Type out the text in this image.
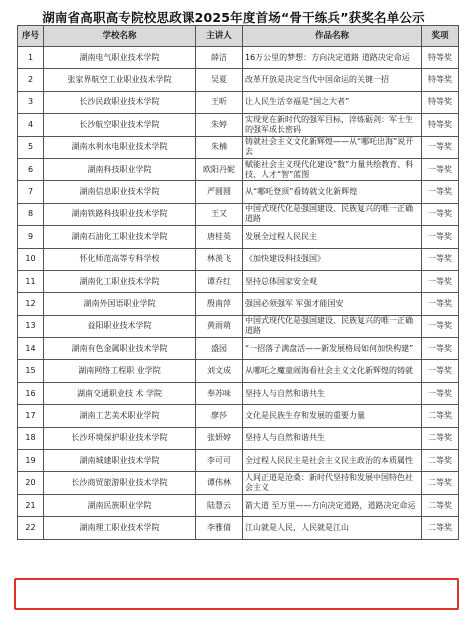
湖南省高职高专院校思政课2025年度首场“骨干练兵”获奖名单公示
序号	学校名称	主讲人	作品名称	奖项
1	湖南电气职业技术学院	薛洁	16万公里的梦想：方向决定道路 道路决定命运	特等奖
2	张家界航空工业职业技术学院	吴夏	改革开放是决定当代中国命运的关键一招	特等奖
3	长沙民政职业技术学院	王昕	让人民生活幸福是“国之大者”	特等奖
4	长沙航空职业技术学院	朱婷	实现党在新时代的强军目标，淬炼砺剑：军士生的强军成长密码	特等奖
5	湖南水利水电职业技术学院	朱楠	铸就社会主义文化新辉煌——从“哪吒出海”说开去	一等奖
6	湖南科技职业学院	欧阳丹妮	赋能社会主义现代化建设“数”力量共绘教育、科技、人才“智”蓝图	一等奖
7	湖南信息职业技术学院	严圆圆	从“哪吒登顶”看铸就文化新辉煌	一等奖
8	湖南铁路科技职业技术学院	王又	中国式现代化是强国建设、民族复兴的唯一正确道路	一等奖
9	湖南石油化工职业技术学院	唐桂英	发展全过程人民民主	一等奖
10	怀化师范高等专科学校	林羡飞	《加快建设科技强国》	一等奖
11	湖南化工职业技术学院	谭乔红	坚持总体国家安全观	一等奖
12	湖南外国语职业学院	殷南萍	强国必须强军 军强才能国安	一等奖
13	益阳职业技术学院	黄雨萌	中国式现代化是强国建设、民族复兴的唯一正确道路	一等奖
14	湖南有色金属职业技术学院	盛园	“一招落子满盘活——新发展格局如何加快构建”	一等奖
15	湖南网络工程职 业学院	刘文成	从哪吒之魔童闹海看社会主义文化新辉煌的铸就	一等奖
16	湖南交通职业技 术 学院	奉苏味	坚持人与自然和谐共生	一等奖
17	湖南工艺美术职业学院	廖莎	文化是民族生存和发展的重要力量	二等奖
18	长沙环境保护职业技术学院	张妍婷	坚持人与自然和谐共生	二等奖
19	湖南城建职业技术学院	李可可	全过程人民民主是社会主义民主政治的本质属性	二等奖
20	长沙商贸旅游职业技术学院	谭伟林	人间正道是沧桑：新时代坚持和发展中国特色社会主义	二等奖
21	湖南民族职业学院	陆慧云	箭大道 至万里——方向决定道路，道路决定命运	二等奖
22	湖南理工职业技术学院	李雅倩	江山就是人民，人民就是江山	二等奖
